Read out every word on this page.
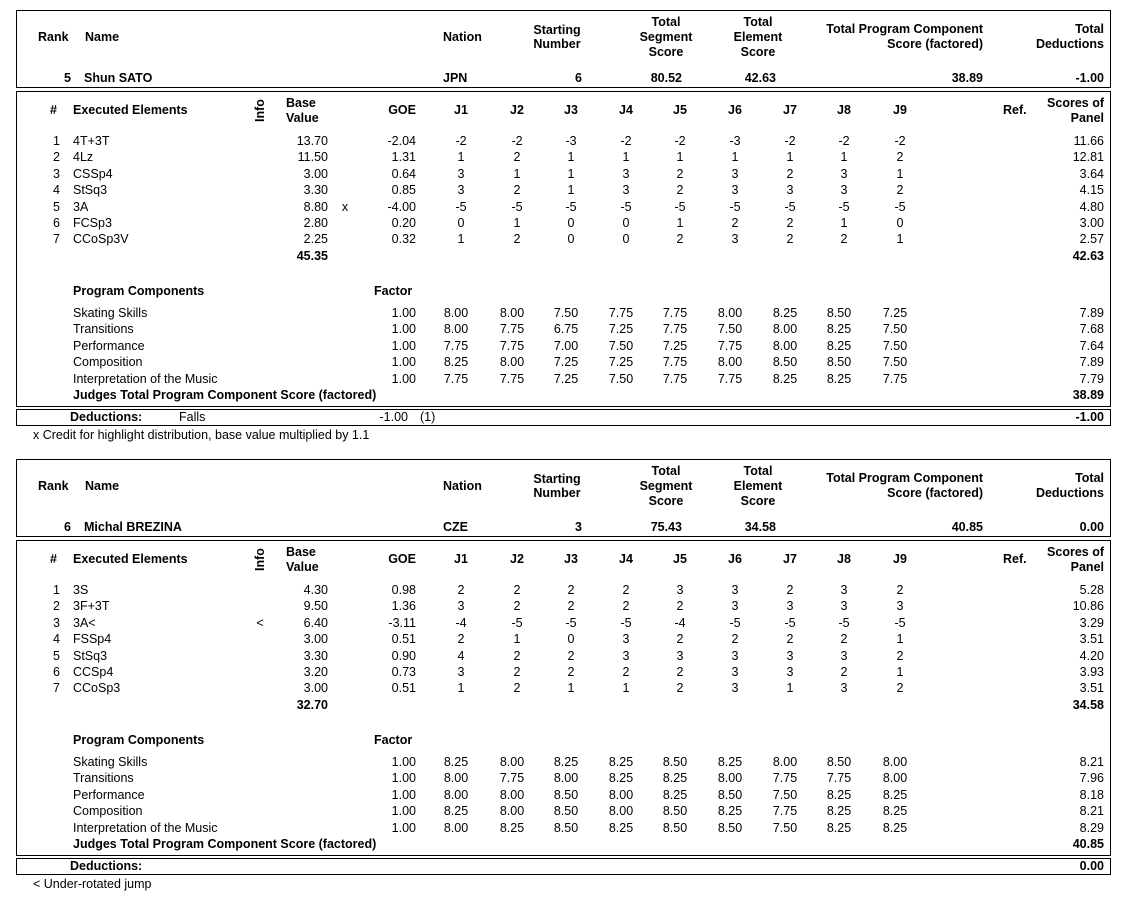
Rank Name	Nation	Starting
Number
Total
Segment
Score
Total
Element
Score
Total Program Component
Score (factored)
Total
Deductions
5 Shun SATO	JPN	6	80.52	42.63	38.89	-1.00
# Executed Elements	Info Base
Value
GOE	J1	J2	J3	J4	J5	J6	J7	J8	J9	Ref.	Scores of
Panel
1 4T+3T	13.70	-2.04	-2	-2	-3	-2	-2	-3	-2	-2	-2	11.66
2 4Lz	11.50	1.31	1	2	1	1	1	1	1	1	2	12.81
3 CSSp4	3.00	0.64	3	1	1	3	2	3	2	3	1	3.64
4 StSq3	3.30	0.85	3	2	1	3	2	3	3	3	2	4.15
5 3A	8.80 x	-4.00	-5	-5	-5	-5	-5	-5	-5	-5	-5	4.80
6 FCSp3	2.80	0.20	0	1	0	0	1	2	2	1	0	3.00
7 CCoSp3V	2.25	0.32	1	2	0	0	2	3	2	2	1	2.57
45.35	42.63
Program Components	Factor
Skating Skills	1.00	8.00	8.00	7.50	7.75	7.75	8.00	8.25	8.50	7.25	7.89
Transitions	1.00	8.00	7.75	6.75	7.25	7.75	7.50	8.00	8.25	7.50	7.68
Performance	1.00	7.75	7.75	7.00	7.50	7.25	7.75	8.00	8.25	7.50	7.64
Composition	1.00	8.25	8.00	7.25	7.25	7.75	8.00	8.50	8.50	7.50	7.89
Interpretation of the Music	1.00	7.75	7.75	7.25	7.50	7.75	7.75	8.25	8.25	7.75	7.79
Judges Total Program Component Score (factored)	38.89
Deductions:	Falls	-1.00 (1)	-1.00
x Credit for highlight distribution, base value multiplied by 1.1
Rank Name	Nation	Starting
Number
Total
Segment
Score
Total
Element
Score
Total Program Component
Score (factored)
Total
Deductions
6 Michal BREZINA	CZE	3	75.43	34.58	40.85	0.00
# Executed Elements	Info Base
Value
GOE	J1	J2	J3	J4	J5	J6	J7	J8	J9	Ref.	Scores of
Panel
1 3S	4.30	0.98	2	2	2	2	3	3	2	3	2	5.28
2 3F+3T	9.50	1.36	3	2	2	2	2	3	3	3	3	10.86
3 3A<	<	6.40	-3.11	-4	-5	-5	-5	-4	-5	-5	-5	-5	3.29
4 FSSp4	3.00	0.51	2	1	0	3	2	2	2	2	1	3.51
5 StSq3	3.30	0.90	4	2	2	3	3	3	3	3	2	4.20
6 CCSp4	3.20	0.73	3	2	2	2	2	3	3	2	1	3.93
7 CCoSp3	3.00	0.51	1	2	1	1	2	3	1	3	2	3.51
32.70	34.58
Program Components	Factor
Skating Skills	1.00	8.25	8.00	8.25	8.25	8.50	8.25	8.00	8.50	8.00	8.21
Transitions	1.00	8.00	7.75	8.00	8.25	8.25	8.00	7.75	7.75	8.00	7.96
Performance	1.00	8.00	8.00	8.50	8.00	8.25	8.50	7.50	8.25	8.25	8.18
Composition	1.00	8.25	8.00	8.50	8.00	8.50	8.25	7.75	8.25	8.25	8.21
Interpretation of the Music	1.00	8.00	8.25	8.50	8.25	8.50	8.50	7.50	8.25	8.25	8.29
Judges Total Program Component Score (factored)	40.85
Deductions:	0.00
< Under-rotated jump
